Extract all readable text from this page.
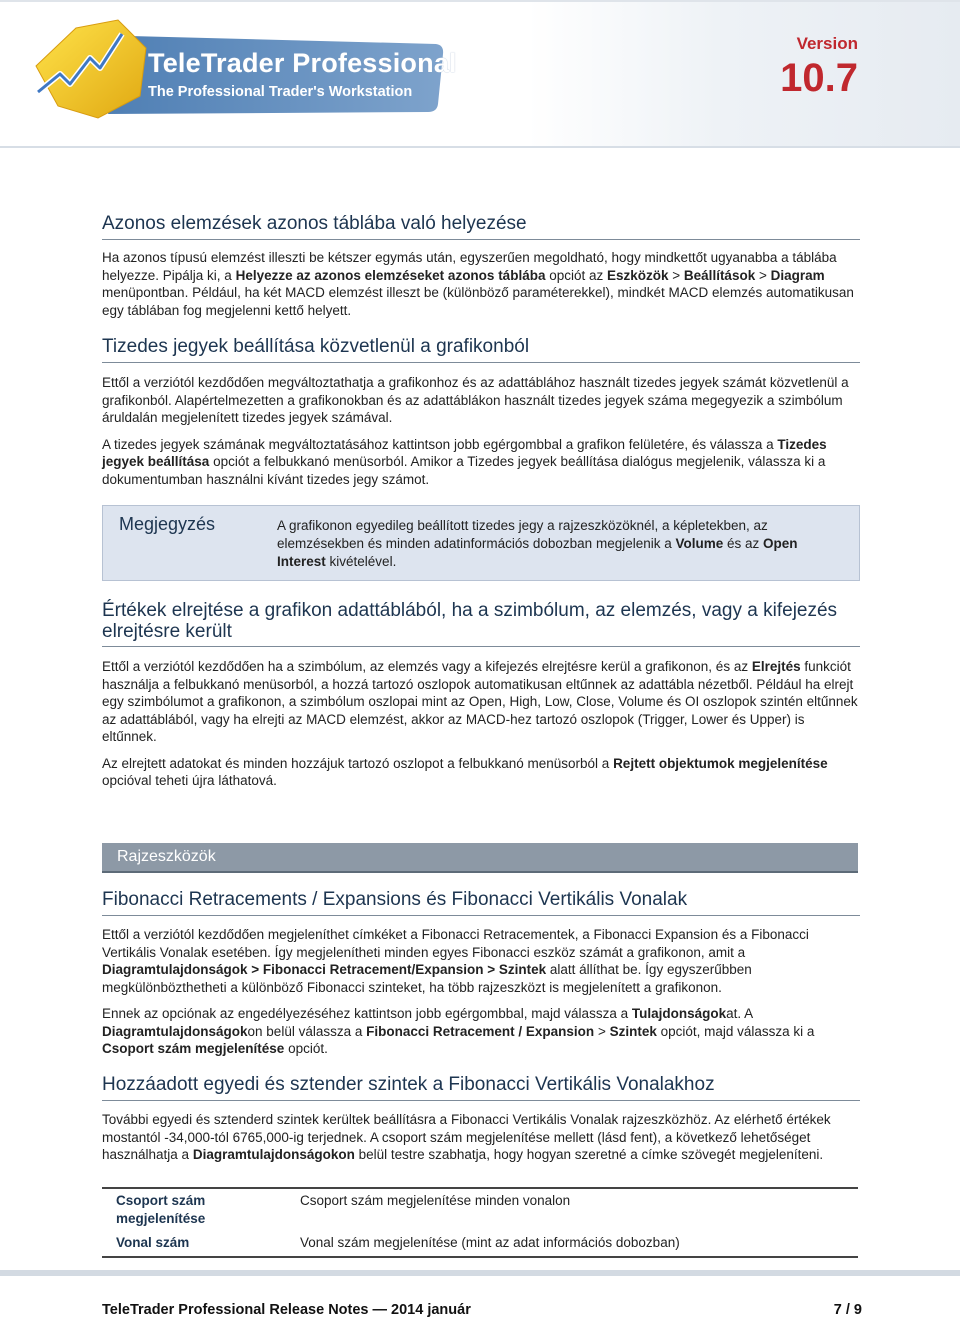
TeleTrader Professional
The Professional Trader's Workstation
Version
10.7
Azonos elemzések azonos táblába való helyezése

Ha azonos típusú elemzést illeszti be kétszer egymás után, egyszerűen megoldható, hogy mindkettőt ugyanabba a táblába helyezze. Pipálja ki, a Helyezze az azonos elemzéseket azonos táblába opciót az Eszközök > Beállítások > Diagram menüpontban. Például, ha két MACD elemzést illeszt be (különböző paraméterekkel), mindkét MACD elemzés automatikusan egy táblában fog megjelenni kettő helyett.

Tizedes jegyek beállítása közvetlenül a grafikonból

Ettől a verziótól kezdődően megváltoztathatja a grafikonhoz és az adattáblához használt tizedes jegyek számát közvetlenül a grafikonból. Alapértelmezetten a grafikonokban és az adattáblákon használt tizedes jegyek száma megegyezik a szimbólum áruldalán megjelenített tizedes jegyek számával.

A tizedes jegyek számának megváltoztatásához kattintson jobb egérgombbal a grafikon felületére, és válassza a Tizedes jegyek beállítása opciót a felbukkanó menüsorból. Amikor a Tizedes jegyek beállítása dialógus megjelenik, válassza ki a dokumentumban használni kívánt tizedes jegy számot.

Megjegyzés	A grafikonon egyedileg beállított tizedes jegy a rajzeszközöknél, a képletekben, az elemzésekben és minden adatinformációs dobozban megjelenik a Volume és az Open Interest kivételével.
Értékek elrejtése a grafikon adattáblából, ha a szimbólum, az elemzés, vagy a kifejezés elrejtésre került

Ettől a verziótól kezdődően ha a szimbólum, az elemzés vagy a kifejezés elrejtésre kerül a grafikonon, és az Elrejtés funkciót használja a felbukkanó menüsorból, a hozzá tartozó oszlopok automatikusan eltűnnek az adattábla nézetből. Például ha elrejt egy szimbólumot a grafikonon, a szimbólum oszlopai mint az Open, High, Low, Close, Volume és OI oszlopok szintén eltűnnek az adattáblából, vagy ha elrejti az MACD elemzést, akkor az MACD-hez tartozó oszlopok (Trigger, Lower és Upper) is eltűnnek.

Az elrejtett adatokat és minden hozzájuk tartozó oszlopot a felbukkanó menüsorból a Rejtett objektumok megjelenítése opcióval teheti újra láthatová.

Rajzeszközök
Fibonacci Retracements / Expansions és Fibonacci Vertikális Vonalak

Ettől a verziótól kezdődően megjeleníthet címkéket a Fibonacci Retracementek, a Fibonacci Expansion és a Fibonacci Vertikális Vonalak esetében. Így megjelenítheti minden egyes Fibonacci eszköz számát a grafikonon, amit a Diagramtulajdonságok > Fibonacci Retracement/Expansion > Szintek alatt állíthat be. Így egyszerűbben megkülönbözthetheti a különböző Fibonacci szinteket, ha több rajzeszközt is megjelenített a grafikonon.

Ennek az opciónak az engedélyezéséhez kattintson jobb egérgombbal, majd válassza a Tulajdonságokat. A Diagramtulajdonságokon belül válassza a Fibonacci Retracement / Expansion > Szintek opciót, majd válassza ki a Csoport szám megjelenítése opciót.

Hozzáadott egyedi és sztender szintek a Fibonacci Vertikális Vonalakhoz

További egyedi és sztenderd szintek kerültek beállításra a Fibonacci Vertikális Vonalak rajzeszközhöz. Az elérhető értékek mostantól -34,000-tól 6765,000-ig terjednek. A csoport szám megjelenítése mellett (lásd fent), a következő lehetőséget használhatja a Diagramtulajdonságokon belül testre szabhatja, hogy hogyan szeretné a címke szövegét megjeleníteni.

Csoport szám megjelenítése	Csoport szám megjelenítése minden vonalon
Vonal szám	Vonal szám megjelenítése (mint az adat információs dobozban)
TeleTrader Professional Release Notes — 2014 január	7 / 9
